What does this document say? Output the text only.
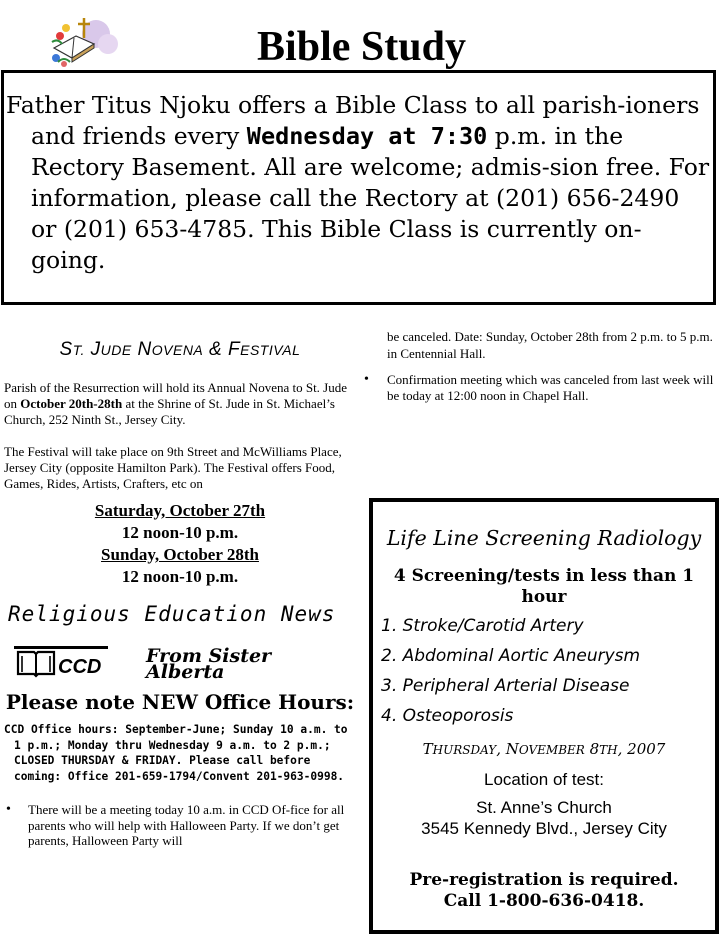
Bible Study

Father Titus Njoku offers a Bible Class to all parish-ioners and friends every Wednesday at 7:30 p.m. in the Rectory Basement. All are welcome; admis-sion free. For information, please call the Rectory at (201) 656-2490 or (201) 653-4785. This Bible Class is currently on-going.

ST. JUDE NOVENA & FESTIVAL

Parish of the Resurrection will hold its Annual Novena to St. Jude on October 20th-28th at the Shrine of St. Jude in St. Michael’s Church, 252 Ninth St., Jersey City.

The Festival will take place on 9th Street and McWilliams Place, Jersey City (opposite Hamilton Park). The Festival offers Food, Games, Rides, Artists, Crafters, etc on

Saturday, October 27th
12 noon-10 p.m.
Sunday, October 28th
12 noon-10 p.m.
Religious Education News
CCD From Sister Alberta
Please note NEW Office Hours:
CCD Office hours: September-June; Sunday 10 a.m. to 1 p.m.; Monday thru Wednesday 9 a.m. to 2 p.m.; CLOSED THURSDAY & FRIDAY. Please call before coming: Office 201-659-1794/Convent 201-963-0998.
• There will be a meeting today 10 a.m. in CCD Of-fice for all parents who will help with Halloween Party. If we don’t get parents, Halloween Party will
be canceled. Date: Sunday, October 28th from 2 p.m. to 5 p.m. in Centennial Hall.
• Confirmation meeting which was canceled from last week will be today at 12:00 noon in Chapel Hall.
Life Line Screening Radiology
4 Screening/tests in less than 1 hour
1. Stroke/Carotid Artery
2. Abdominal Aortic Aneurysm
3. Peripheral Arterial Disease
4. Osteoporosis
THURSDAY, NOVEMBER 8TH, 2007
Location of test:
St. Anne’s Church
3545 Kennedy Blvd., Jersey City
Pre-registration is required.
Call 1-800-636-0418.
